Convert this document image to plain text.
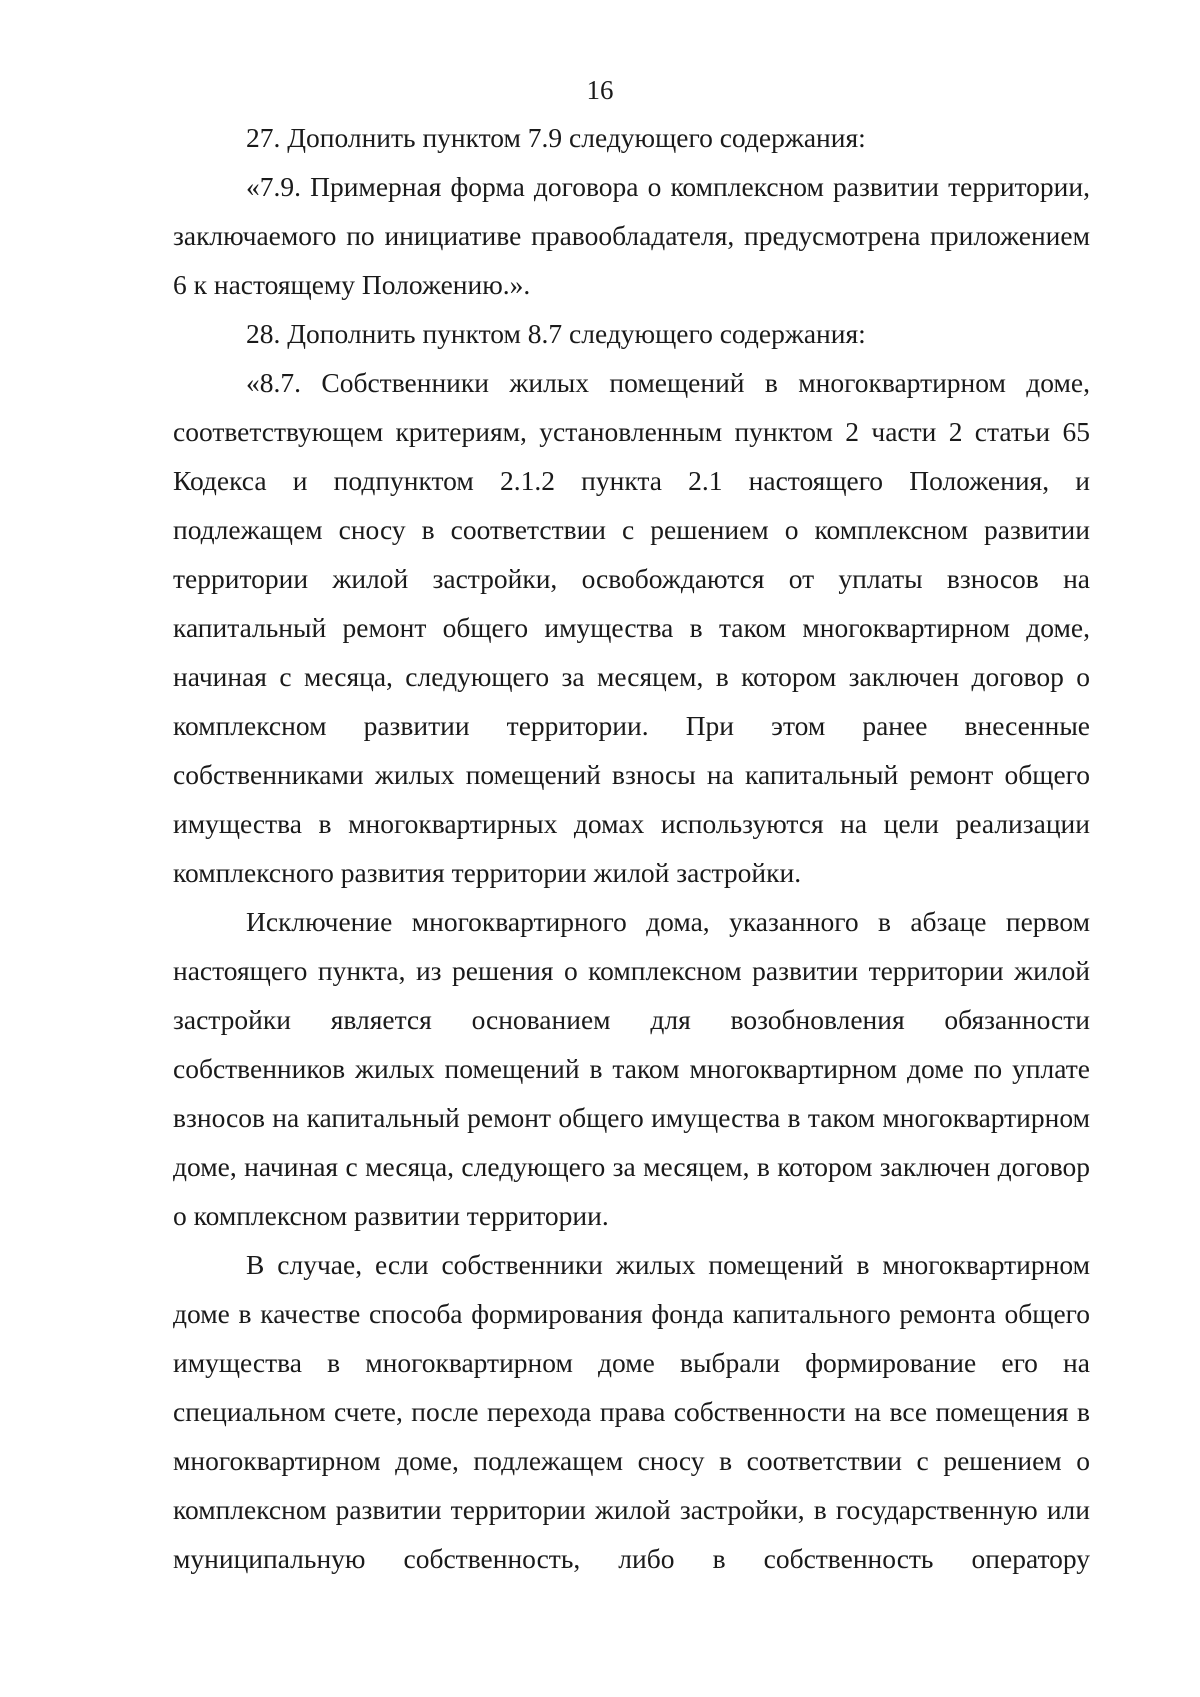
16

27. Дополнить пунктом 7.9 следующего содержания:

«7.9. Примерная форма договора о комплексном развитии территории, заключаемого по инициативе правообладателя, предусмотрена приложением 6 к настоящему Положению.».

28. Дополнить пунктом 8.7 следующего содержания:

«8.7. Собственники жилых помещений в многоквартирном доме, соответствующем критериям, установленным пунктом 2 части 2 статьи 65 Кодекса и подпунктом 2.1.2 пункта 2.1 настоящего Положения, и подлежащем сносу в соответствии с решением о комплексном развитии территории жилой застройки, освобождаются от уплаты взносов на капитальный ремонт общего имущества в таком многоквартирном доме, начиная с месяца, следующего за месяцем, в котором заключен договор о комплексном развитии территории. При этом ранее внесенные собственниками жилых помещений взносы на капитальный ремонт общего имущества в многоквартирных домах используются на цели реализации комплексного развития территории жилой застройки.

Исключение многоквартирного дома, указанного в абзаце первом настоящего пункта, из решения о комплексном развитии территории жилой застройки является основанием для возобновления обязанности собственников жилых помещений в таком многоквартирном доме по уплате взносов на капитальный ремонт общего имущества в таком многоквартирном доме, начиная с месяца, следующего за месяцем, в котором заключен договор о комплексном развитии территории.

В случае, если собственники жилых помещений в многоквартирном доме в качестве способа формирования фонда капитального ремонта общего имущества в многоквартирном доме выбрали формирование его на специальном счете, после перехода права собственности на все помещения в многоквартирном доме, подлежащем сносу в соответствии с решением о комплексном развитии территории жилой застройки, в государственную или муниципальную собственность, либо в собственность оператору
